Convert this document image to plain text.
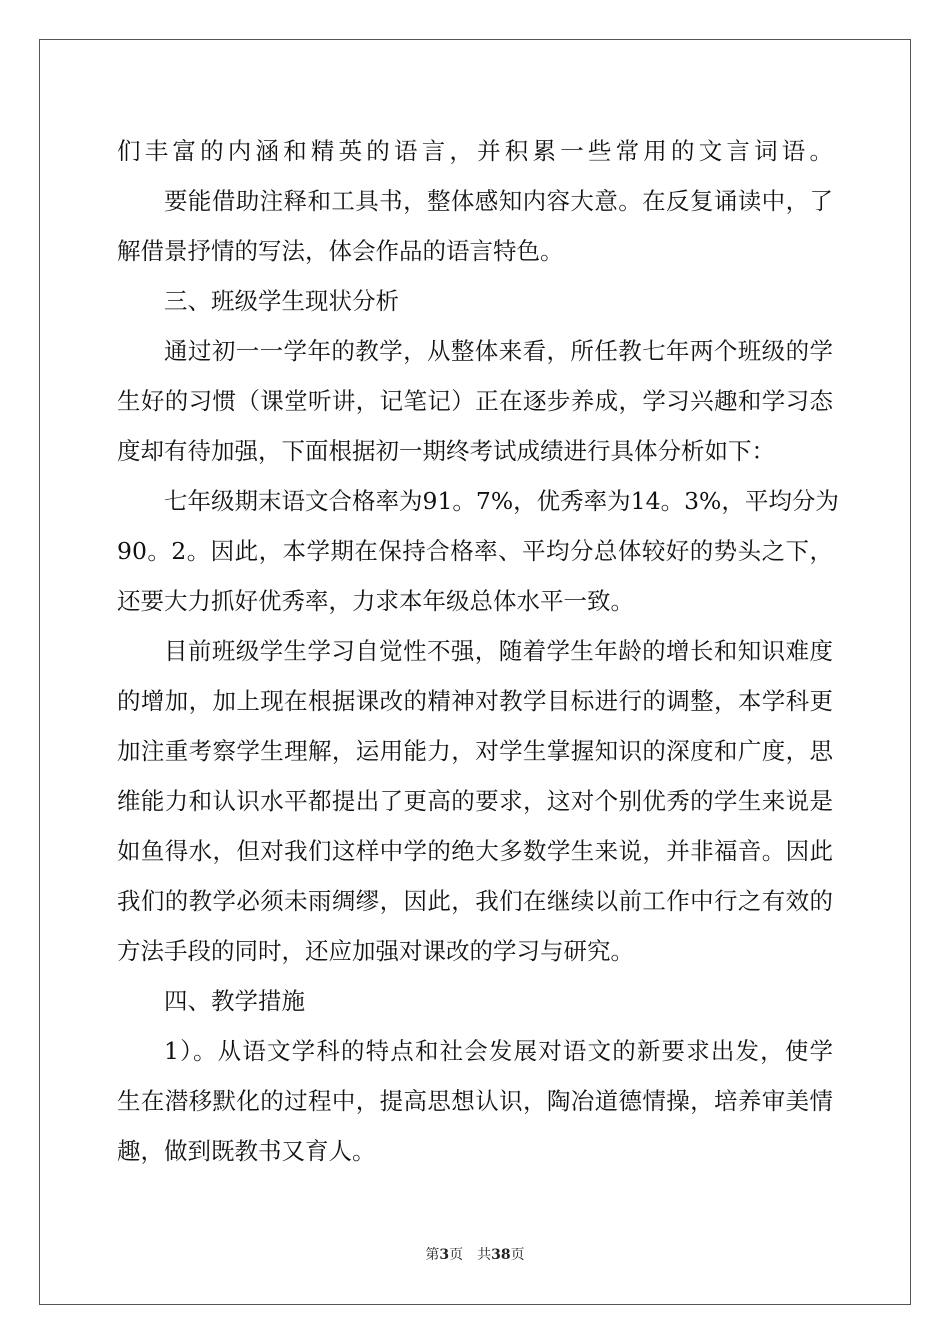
们丰富的内涵和精英的语言，并积累一些常用的文言词语。
要能借助注释和工具书，整体感知内容大意。在反复诵读中，了
解借景抒情的写法，体会作品的语言特色。
三、班级学生现状分析
通过初一一学年的教学，从整体来看，所任教七年两个班级的学
生好的习惯（课堂听讲，记笔记）正在逐步养成，学习兴趣和学习态
度却有待加强，下面根据初一期终考试成绩进行具体分析如下：
七年级期末语文合格率为91。7%，优秀率为14。3%，平均分为
90。2。因此，本学期在保持合格率、平均分总体较好的势头之下，
还要大力抓好优秀率，力求本年级总体水平一致。
目前班级学生学习自觉性不强，随着学生年龄的增长和知识难度
的增加，加上现在根据课改的精神对教学目标进行的调整，本学科更
加注重考察学生理解，运用能力，对学生掌握知识的深度和广度，思
维能力和认识水平都提出了更高的要求，这对个别优秀的学生来说是
如鱼得水，但对我们这样中学的绝大多数学生来说，并非福音。因此
我们的教学必须未雨绸缪，因此，我们在继续以前工作中行之有效的
方法手段的同时，还应加强对课改的学习与研究。
四、教学措施
1）。从语文学科的特点和社会发展对语文的新要求出发，使学
生在潜移默化的过程中，提高思想认识，陶冶道德情操，培养审美情
趣，做到既教书又育人。
第3页 共38页
